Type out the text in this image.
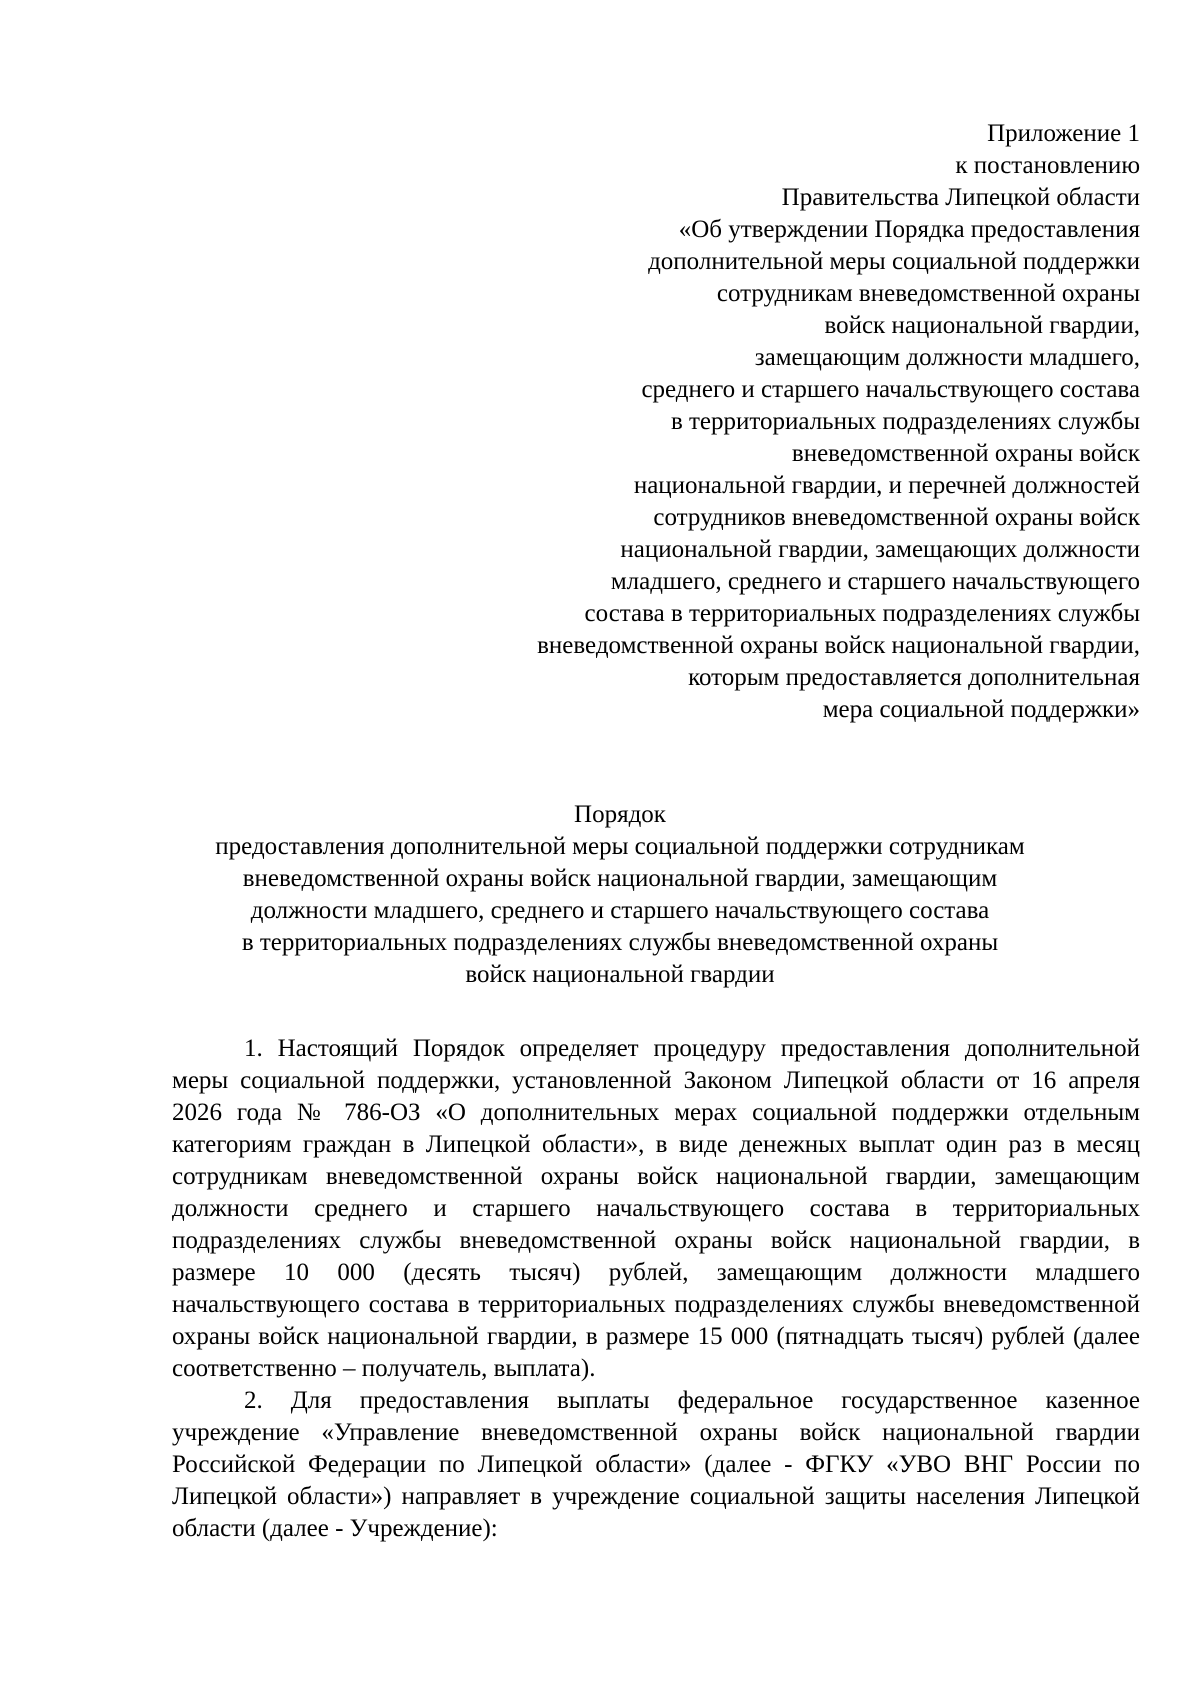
Приложение 1
к постановлению
Правительства Липецкой области
«Об утверждении Порядка предоставления
дополнительной меры социальной поддержки
сотрудникам вневедомственной охраны
войск национальной гвардии,
замещающим должности младшего,
среднего и старшего начальствующего состава
в территориальных подразделениях службы
вневедомственной охраны войск
национальной гвардии, и перечней должностей
сотрудников вневедомственной охраны войск
национальной гвардии, замещающих должности
младшего, среднего и старшего начальствующего
состава в территориальных подразделениях службы
вневедомственной охраны войск национальной гвардии,
которым предоставляется дополнительная
мера социальной поддержки»
Порядок
предоставления дополнительной меры социальной поддержки сотрудникам
вневедомственной охраны войск национальной гвардии, замещающим
должности младшего, среднего и старшего начальствующего состава
в территориальных подразделениях службы вневедомственной охраны
войск национальной гвардии

1. Настоящий Порядок определяет процедуру предоставления дополнительной меры социальной поддержки, установленной Законом Липецкой области от 16 апреля 2026 года № 786-ОЗ «О дополнительных мерах социальной поддержки отдельным категориям граждан в Липецкой области», в виде денежных выплат один раз в месяц сотрудникам вневедомственной охраны войск национальной гвардии, замещающим должности среднего и старшего начальствующего состава в территориальных подразделениях службы вневедомственной охраны войск национальной гвардии, в размере 10 000 (десять тысяч) рублей, замещающим должности младшего начальствующего состава в территориальных подразделениях службы вневедомственной охраны войск национальной гвардии, в размере 15 000 (пятнадцать тысяч) рублей (далее соответственно – получатель, выплата).

2. Для предоставления выплаты федеральное государственное казенное учреждение «Управление вневедомственной охраны войск национальной гвардии Российской Федерации по Липецкой области» (далее - ФГКУ «УВО ВНГ России по Липецкой области») направляет в учреждение социальной защиты населения Липецкой области (далее - Учреждение):
